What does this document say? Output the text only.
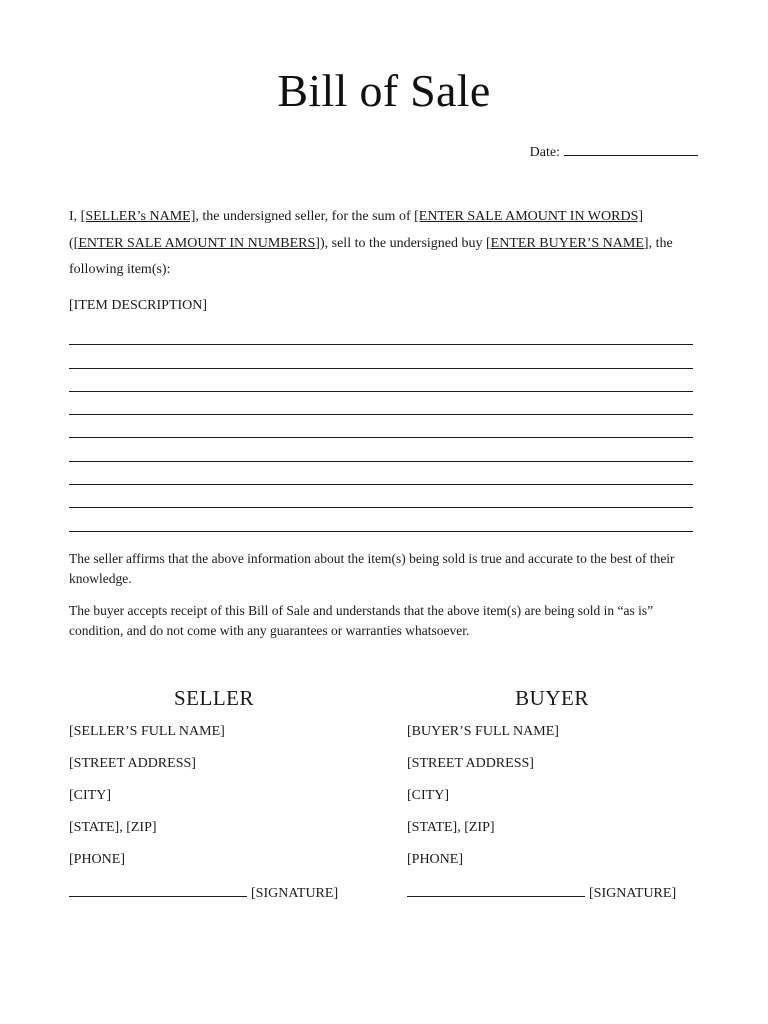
Bill of Sale
Date:
I, [SELLER’s NAME], the undersigned seller, for the sum of [ENTER SALE AMOUNT IN WORDS] ([ENTER SALE AMOUNT IN NUMBERS]), sell to the undersigned buy [ENTER BUYER’S NAME], the following item(s):
[ITEM DESCRIPTION]
The seller affirms that the above information about the item(s) being sold is true and accurate to the best of their knowledge.
The buyer accepts receipt of this Bill of Sale and understands that the above item(s) are being sold in “as is” condition, and do not come with any guarantees or warranties whatsoever.
SELLER
[SELLER’S FULL NAME]
[STREET ADDRESS]
[CITY]
[STATE], [ZIP]
[PHONE]
[SIGNATURE]
BUYER
[BUYER’S FULL NAME]
[STREET ADDRESS]
[CITY]
[STATE], [ZIP]
[PHONE]
[SIGNATURE]
